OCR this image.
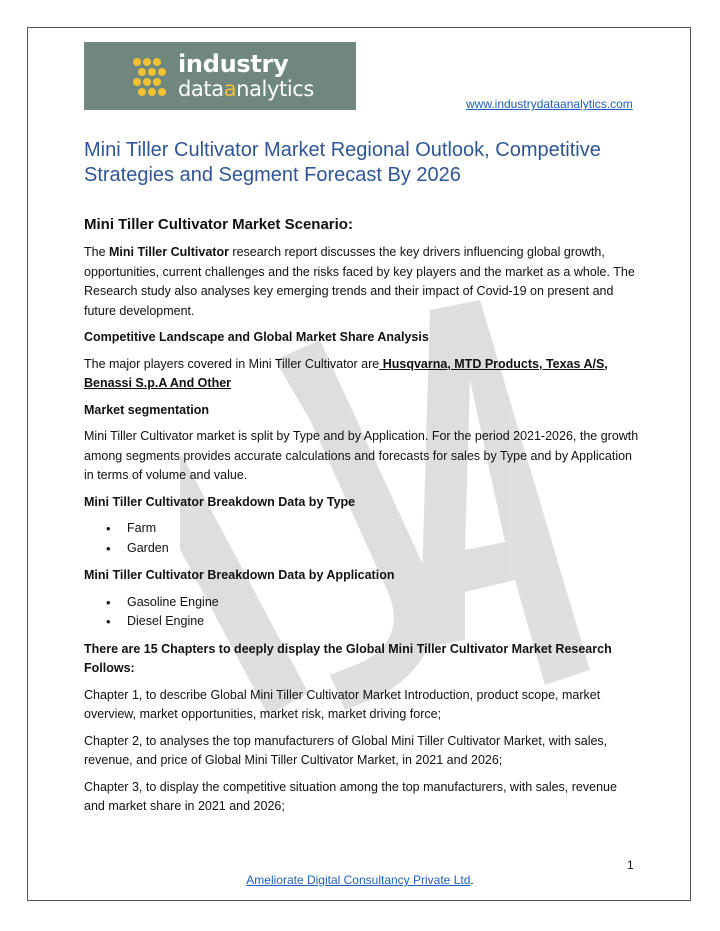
industry
dataanalytics
www.industrydataanalytics.com
Mini Tiller Cultivator Market Regional Outlook, Competitive Strategies and Segment Forecast By 2026

Mini Tiller Cultivator Market Scenario:

The Mini Tiller Cultivator research report discusses the key drivers influencing global growth, opportunities, current challenges and the risks faced by key players and the market as a whole. The Research study also analyses key emerging trends and their impact of Covid-19 on present and future development.

Competitive Landscape and Global Market Share Analysis

The major players covered in Mini Tiller Cultivator are Husqvarna, MTD Products, Texas A/S, Benassi S.p.A And Other

Market segmentation

Mini Tiller Cultivator market is split by Type and by Application. For the period 2021-2026, the growth among segments provides accurate calculations and forecasts for sales by Type and by Application in terms of volume and value.

Mini Tiller Cultivator Breakdown Data by Type

• Farm
• Garden

Mini Tiller Cultivator Breakdown Data by Application

• Gasoline Engine
• Diesel Engine

There are 15 Chapters to deeply display the Global Mini Tiller Cultivator Market Research Follows:

Chapter 1, to describe Global Mini Tiller Cultivator Market Introduction, product scope, market overview, market opportunities, market risk, market driving force;

Chapter 2, to analyses the top manufacturers of Global Mini Tiller Cultivator Market, with sales, revenue, and price of Global Mini Tiller Cultivator Market, in 2021 and 2026;

Chapter 3, to display the competitive situation among the top manufacturers, with sales, revenue and market share in 2021 and 2026;

1
Ameliorate Digital Consultancy Private Ltd.
